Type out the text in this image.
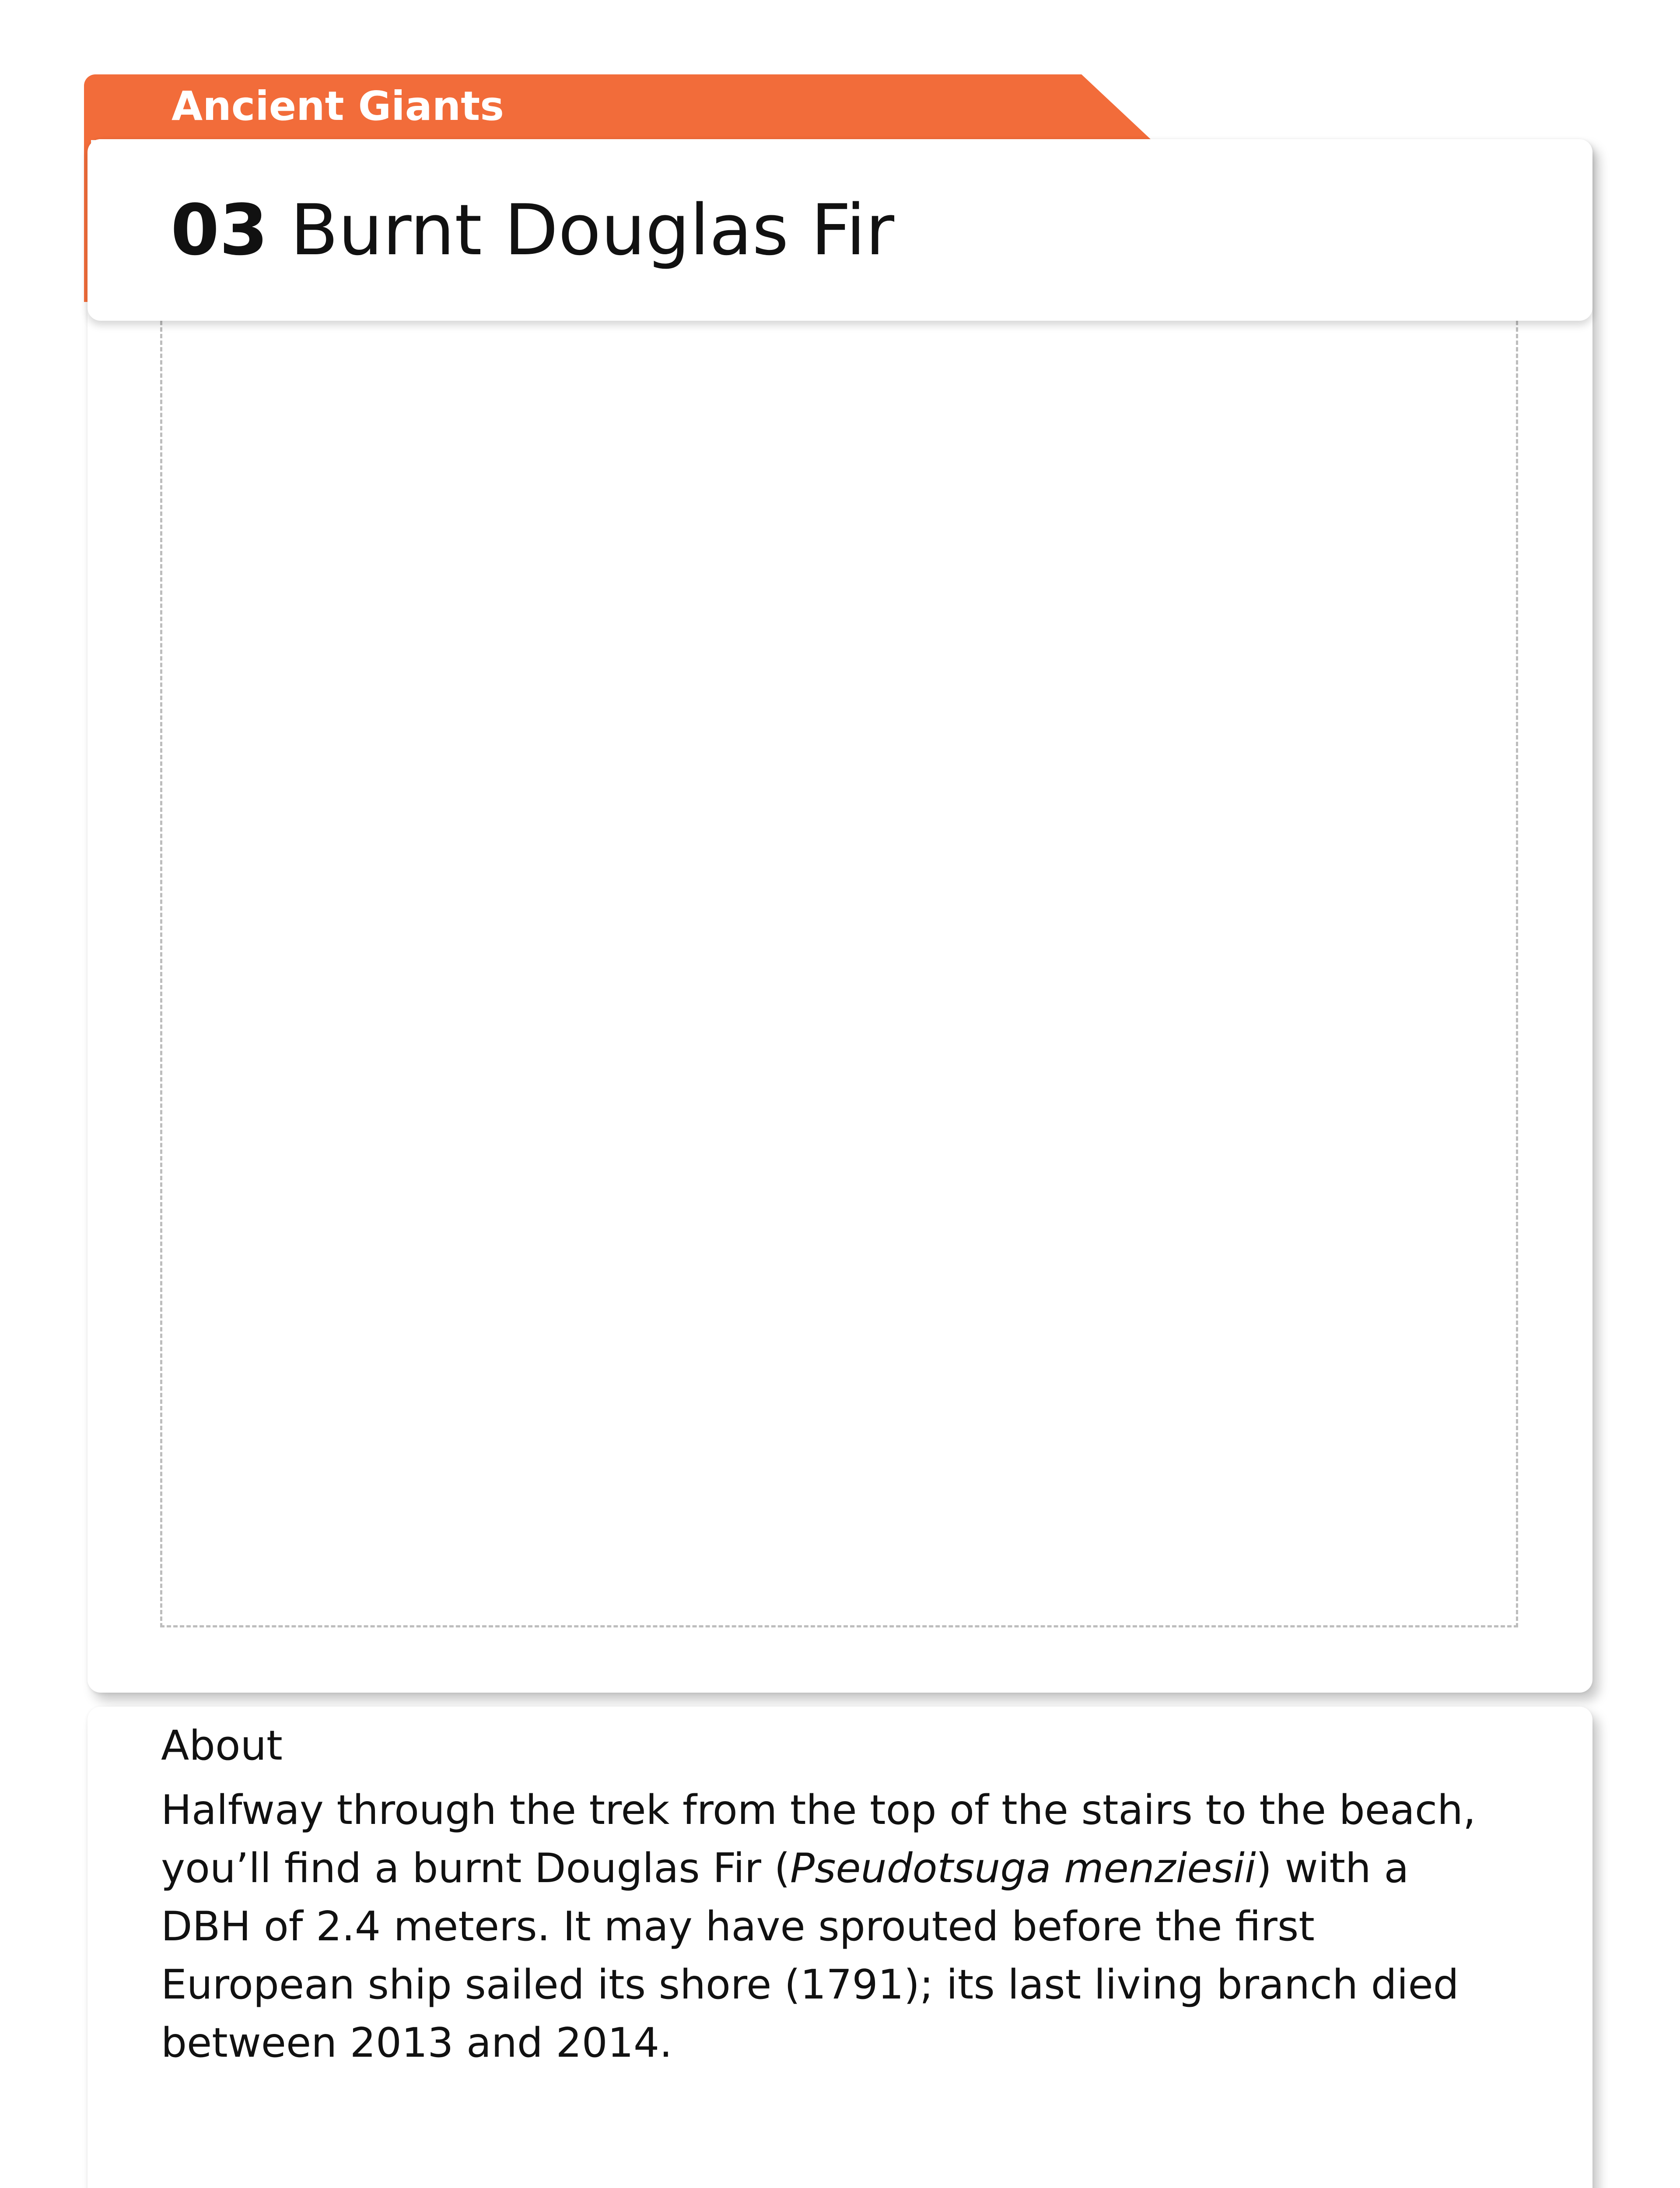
Ancient Giants
03 Burnt Douglas Fir
About

Halfway through the trek from the top of the stairs to the beach, you’ll find a burnt Douglas Fir (Pseudotsuga menziesii) with a DBH of 2.4 meters. It may have sprouted before the first European ship sailed its shore (1791); its last living branch died between 2013 and 2014.
